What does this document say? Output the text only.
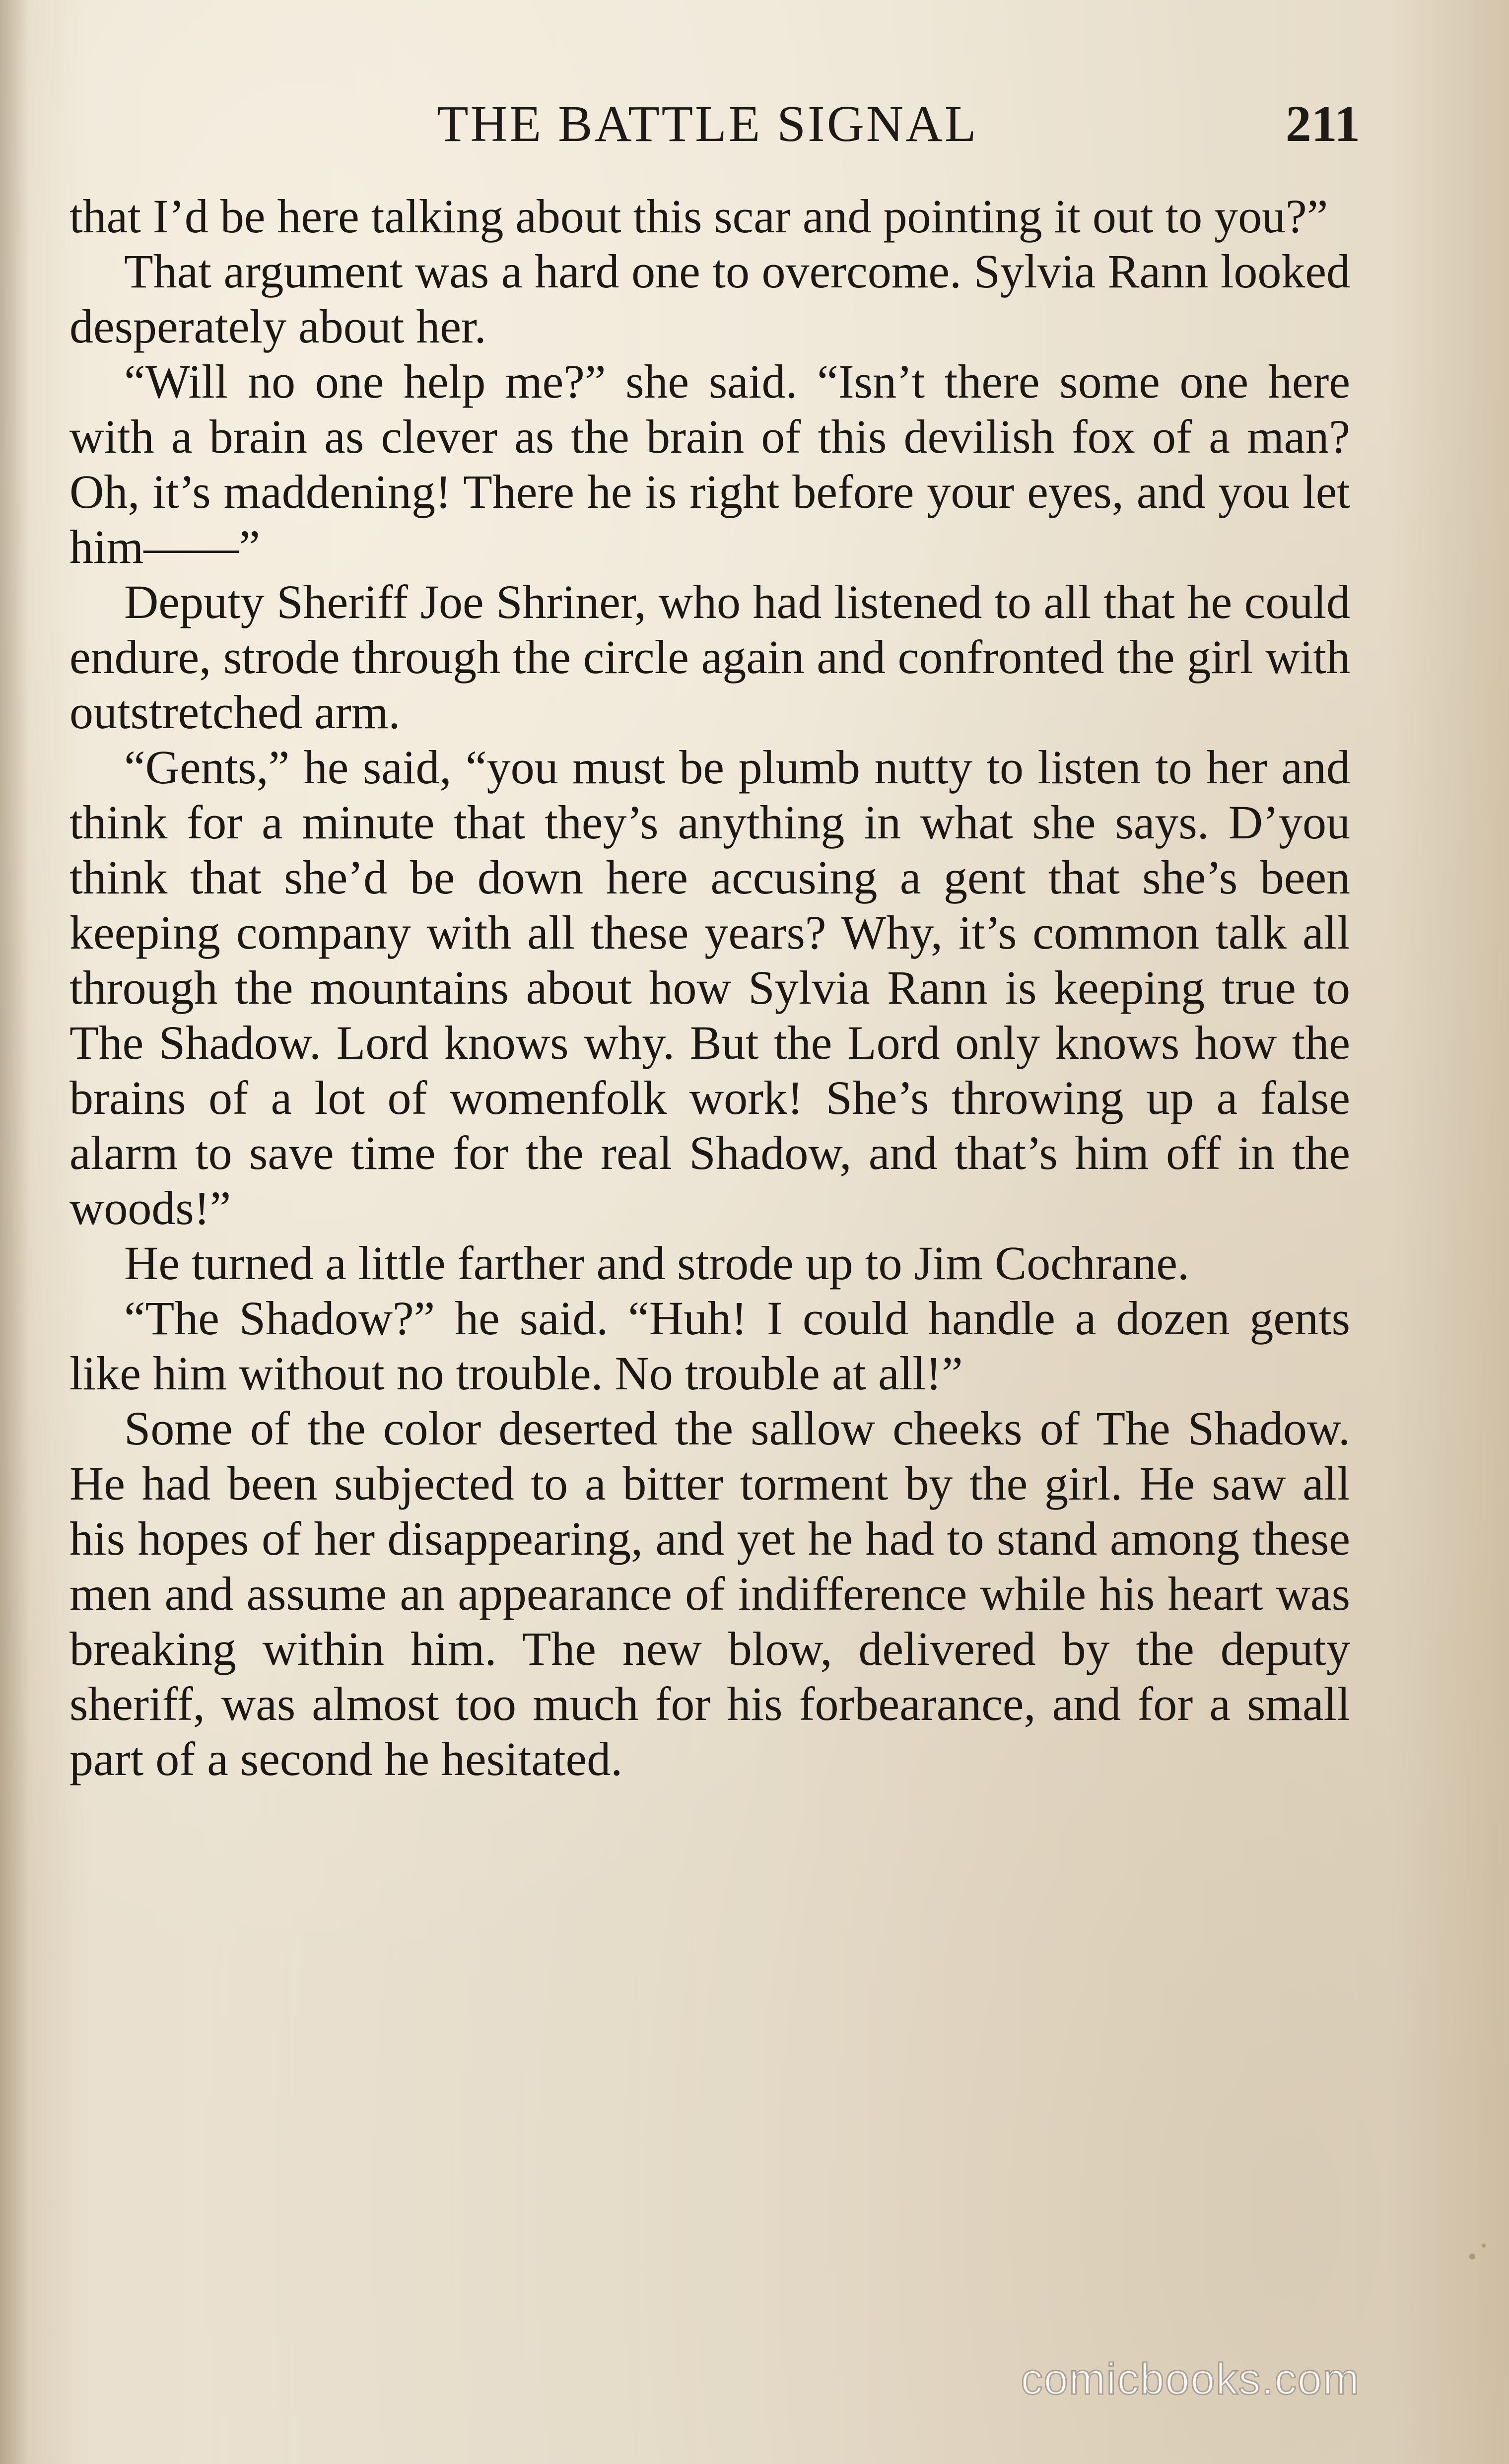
THE BATTLE SIGNAL	211

that I’d be here talking about this scar and pointing it out to you?”

That argument was a hard one to overcome. Sylvia Rann looked desperately about her.

“Will no one help me?” she said. “Isn’t there some one here with a brain as clever as the brain of this devilish fox of a man? Oh, it’s maddening! There he is right before your eyes, and you let him——”

Deputy Sheriff Joe Shriner, who had listened to all that he could endure, strode through the circle again and confronted the girl with outstretched arm.

“Gents,” he said, “you must be plumb nutty to listen to her and think for a minute that they’s anything in what she says. D’you think that she’d be down here accusing a gent that she’s been keeping company with all these years? Why, it’s common talk all through the mountains about how Sylvia Rann is keeping true to The Shadow. Lord knows why. But the Lord only knows how the brains of a lot of womenfolk work! She’s throwing up a false alarm to save time for the real Shadow, and that’s him off in the woods!”

He turned a little farther and strode up to Jim Cochrane.

“The Shadow?” he said. “Huh! I could handle a dozen gents like him without no trouble. No trouble at all!”

Some of the color deserted the sallow cheeks of The Shadow. He had been subjected to a bitter torment by the girl. He saw all his hopes of her disappearing, and yet he had to stand among these men and assume an appearance of indifference while his heart was breaking within him. The new blow, delivered by the deputy sheriff, was almost too much for his forbearance, and for a small part of a second he hesitated.

comicbooks.com
